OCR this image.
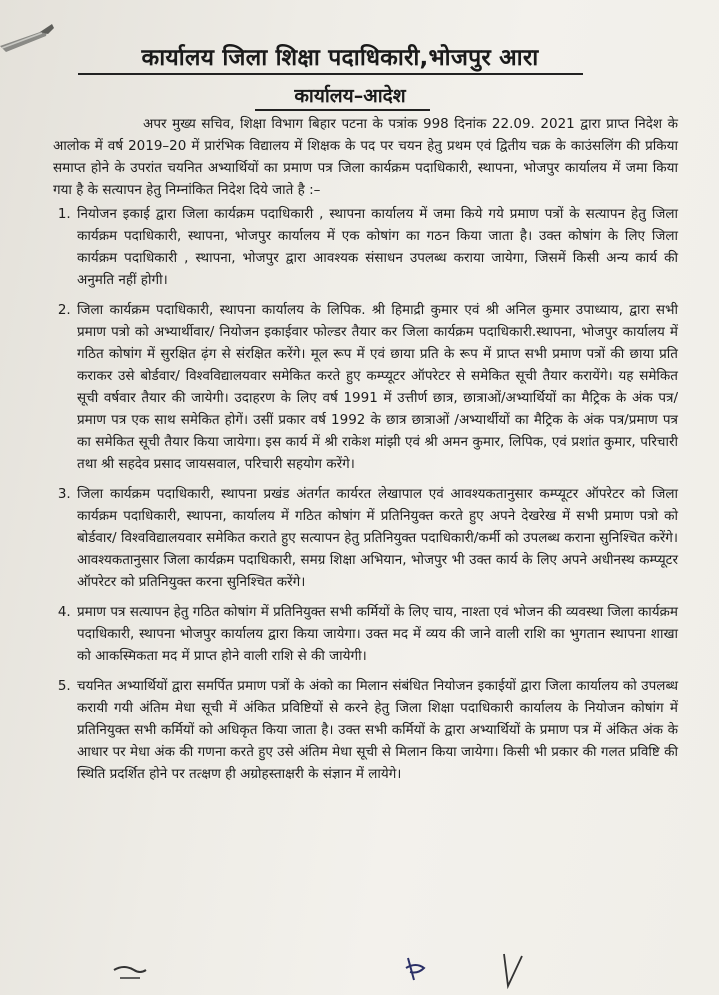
कार्यालय जिला शिक्षा पदाधिकारी,भोजपुर आरा
कार्यालय–आदेश

अपर मुख्य सचिव, शिक्षा विभाग बिहार पटना के पत्रांक 998 दिनांक 22.09. 2021 द्वारा प्राप्त निदेश के आलोक में वर्ष 2019–20 में प्रारंभिक विद्यालय में शिक्षक के पद पर चयन हेतु प्रथम एवं द्वितीय चक्र के काउंसलिंग की प्रकिया समाप्त होने के उपरांत चयनित अभ्यार्थियों का प्रमाण पत्र जिला कार्यक्रम पदाधिकारी, स्थापना, भोजपुर कार्यालय में जमा किया गया है के सत्यापन हेतु निम्नांकित निदेश दिये जाते है :–

1. नियोजन इकाई द्वारा जिला कार्यक्रम पदाधिकारी , स्थापना कार्यालय में जमा किये गये प्रमाण पत्रों के सत्यापन हेतु जिला कार्यक्रम पदाधिकारी, स्थापना, भोजपुर कार्यालय में एक कोषांग का गठन किया जाता है। उक्त कोषांग के लिए जिला कार्यक्रम पदाधिकारी , स्थापना, भोजपुर द्वारा आवश्यक संसाधन उपलब्ध कराया जायेगा, जिसमें किसी अन्य कार्य की अनुमति नहीं होगी।
2. जिला कार्यक्रम पदाधिकारी, स्थापना कार्यालय के लिपिक. श्री हिमाद्री कुमार एवं श्री अनिल कुमार उपाध्याय, द्वारा सभी प्रमाण पत्रो को अभ्यार्थीवार/ नियोजन इकाईवार फोल्डर तैयार कर जिला कार्यक्रम पदाधिकारी.स्थापना, भोजपुर कार्यालय में गठित कोषांग में सुरक्षित ढ़ंग से संरक्षित करेंगे। मूल रूप में एवं छाया प्रति के रूप में प्राप्त सभी प्रमाण पत्रों की छाया प्रति कराकर उसे बोर्डवार/ विश्वविद्यालयवार समेकित करते हुए कम्प्यूटर ऑपरेटर से समेकित सूची तैयार करायेंगे। यह समेकित सूची वर्षवार तैयार की जायेगी। उदाहरण के लिए वर्ष 1991 में उत्तीर्ण छात्र, छात्राओं/अभ्यार्थियों का मैट्रिक के अंक पत्र/प्रमाण पत्र एक साथ समेकित होगें। उसीं प्रकार वर्ष 1992 के छात्र छात्राओं /अभ्यार्थीयों का मैट्रिक के अंक पत्र/प्रमाण पत्र का समेकित सूची तैयार किया जायेगा। इस कार्य में श्री राकेश मांझी एवं श्री अमन कुमार, लिपिक, एवं प्रशांत कुमार, परिचारी तथा श्री सहदेव प्रसाद जायसवाल, परिचारी सहयोग करेंगे।
3. जिला कार्यक्रम पदाधिकारी, स्थापना प्रखंड अंतर्गत कार्यरत लेखापाल एवं आवश्यकतानुसार कम्प्यूटर ऑपरेटर को जिला कार्यक्रम पदाधिकारी, स्थापना, कार्यालय में गठित कोषांग में प्रतिनियुक्त करते हुए अपने देखरेख में सभी प्रमाण पत्रो को बोर्डवार/ विश्वविद्यालयवार समेकित कराते हुए सत्यापन हेतु प्रतिनियुक्त पदाधिकारी/कर्मी को उपलब्ध कराना सुनिश्चित करेंगे। आवश्यकतानुसार जिला कार्यक्रम पदाधिकारी, समग्र शिक्षा अभियान, भोजपुर भी उक्त कार्य के लिए अपने अधीनस्थ कम्प्यूटर ऑपरेटर को प्रतिनियुक्त करना सुनिश्चित करेंगे।
4. प्रमाण पत्र सत्यापन हेतु गठित कोषांग में प्रतिनियुक्त सभी कर्मियों के लिए चाय, नाश्ता एवं भोजन की व्यवस्था जिला कार्यक्रम पदाधिकारी, स्थापना भोजपुर कार्यालय द्वारा किया जायेगा। उक्त मद में व्यय की जाने वाली राशि का भुगतान स्थापना शाखा को आकस्मिकता मद में प्राप्त होने वाली राशि से की जायेगी।
5. चयनित अभ्यार्थियों द्वारा समर्पित प्रमाण पत्रों के अंको का मिलान संबंधित नियोजन इकाईयों द्वारा जिला कार्यालय को उपलब्ध करायी गयी अंतिम मेधा सूची में अंकित प्रविष्टियों से करने हेतु जिला शिक्षा पदाधिकारी कार्यालय के नियोजन कोषांग में प्रतिनियुक्त सभी कर्मियों को अधिकृत किया जाता है। उक्त सभी कर्मियों के द्वारा अभ्यार्थियों के प्रमाण पत्र में अंकित अंक के आधार पर मेधा अंक की गणना करते हुए उसे अंतिम मेधा सूची से मिलान किया जायेगा। किसी भी प्रकार की गलत प्रविष्टि की स्थिति प्रदर्शित होने पर तत्क्षण ही अग्रोहस्ताक्षरी के संज्ञान में लायेगे।
